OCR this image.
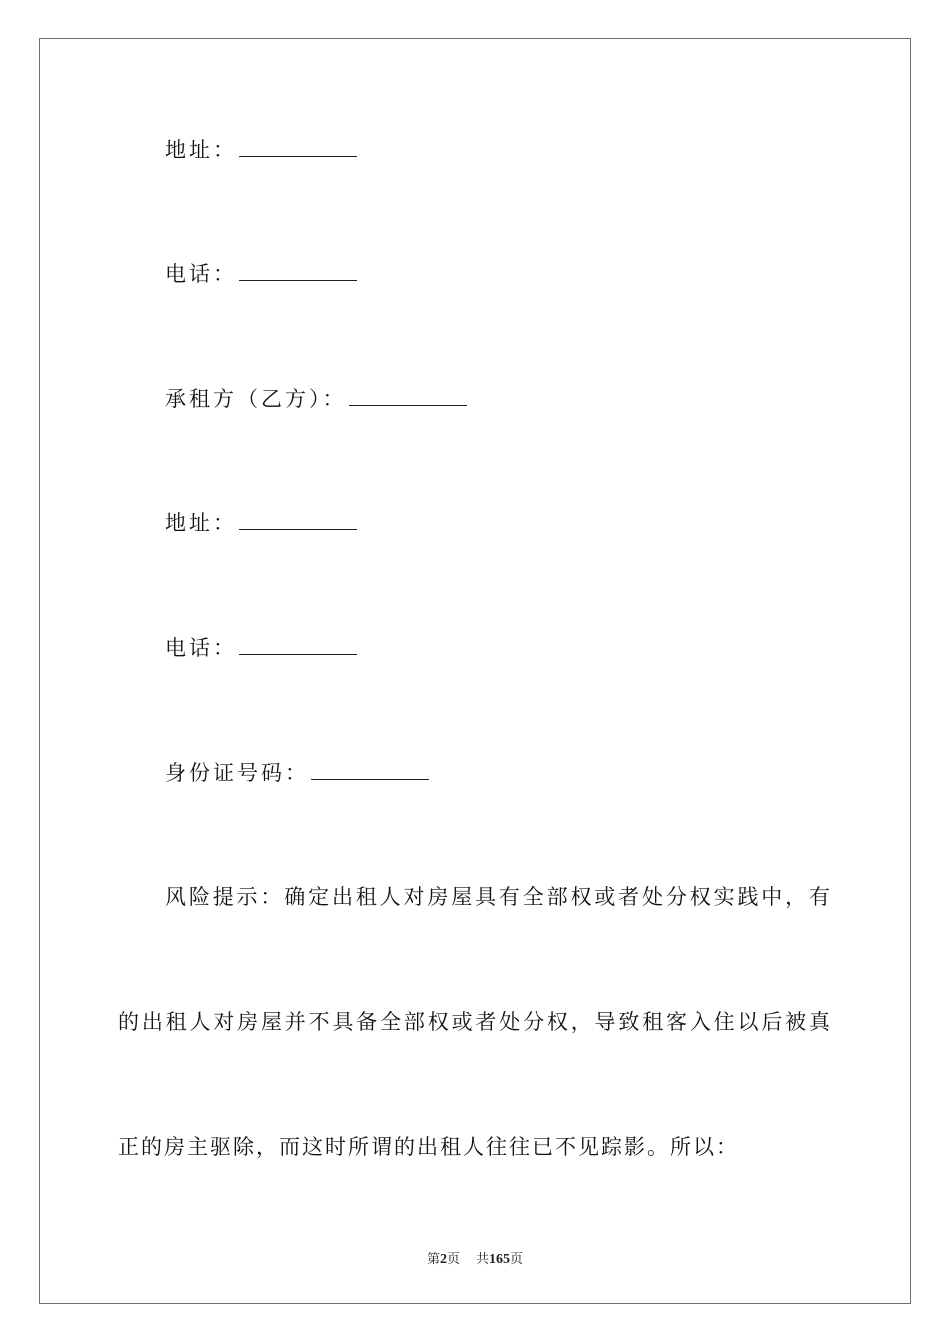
地址：
电话：
承租方（乙方）：
地址：
电话：
身份证号码：
风险提示：确定出租人对房屋具有全部权或者处分权实践中，有
的出租人对房屋并不具备全部权或者处分权，导致租客入住以后被真
正的房主驱除，而这时所谓的出租人往往已不见踪影。所以：
第2页 共165页
